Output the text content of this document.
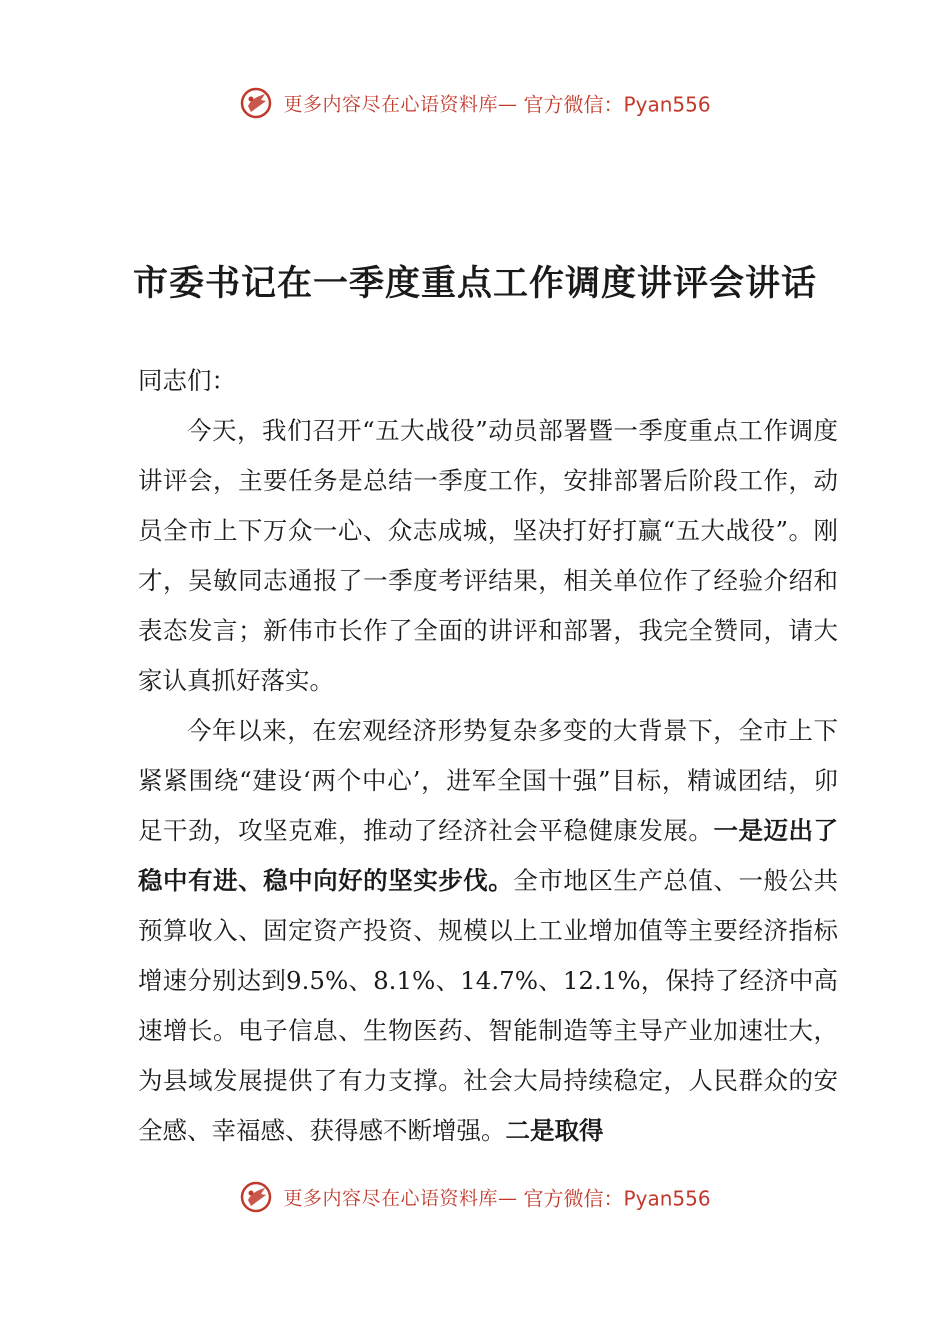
更多内容尽在心语资料库— 官方微信：Pyan556
市委书记在一季度重点工作调度讲评会讲话

同志们：

今天，我们召开“五大战役”动员部署暨一季度重点工作调度讲评会，主要任务是总结一季度工作，安排部署后阶段工作，动员全市上下万众一心、众志成城，坚决打好打赢“五大战役”。刚才，吴敏同志通报了一季度考评结果，相关单位作了经验介绍和表态发言；新伟市长作了全面的讲评和部署，我完全赞同，请大家认真抓好落实。

今年以来，在宏观经济形势复杂多变的大背景下，全市上下紧紧围绕“建设‘两个中心’，进军全国十强”目标，精诚团结，卯足干劲，攻坚克难，推动了经济社会平稳健康发展。一是迈出了稳中有进、稳中向好的坚实步伐。全市地区生产总值、一般公共预算收入、固定资产投资、规模以上工业增加值等主要经济指标增速分别达到9.5%、8.1%、14.7%、12.1%，保持了经济中高速增长。电子信息、生物医药、智能制造等主导产业加速壮大，为县域发展提供了有力支撑。社会大局持续稳定，人民群众的安全感、幸福感、获得感不断增强。二是取得

更多内容尽在心语资料库— 官方微信：Pyan556
